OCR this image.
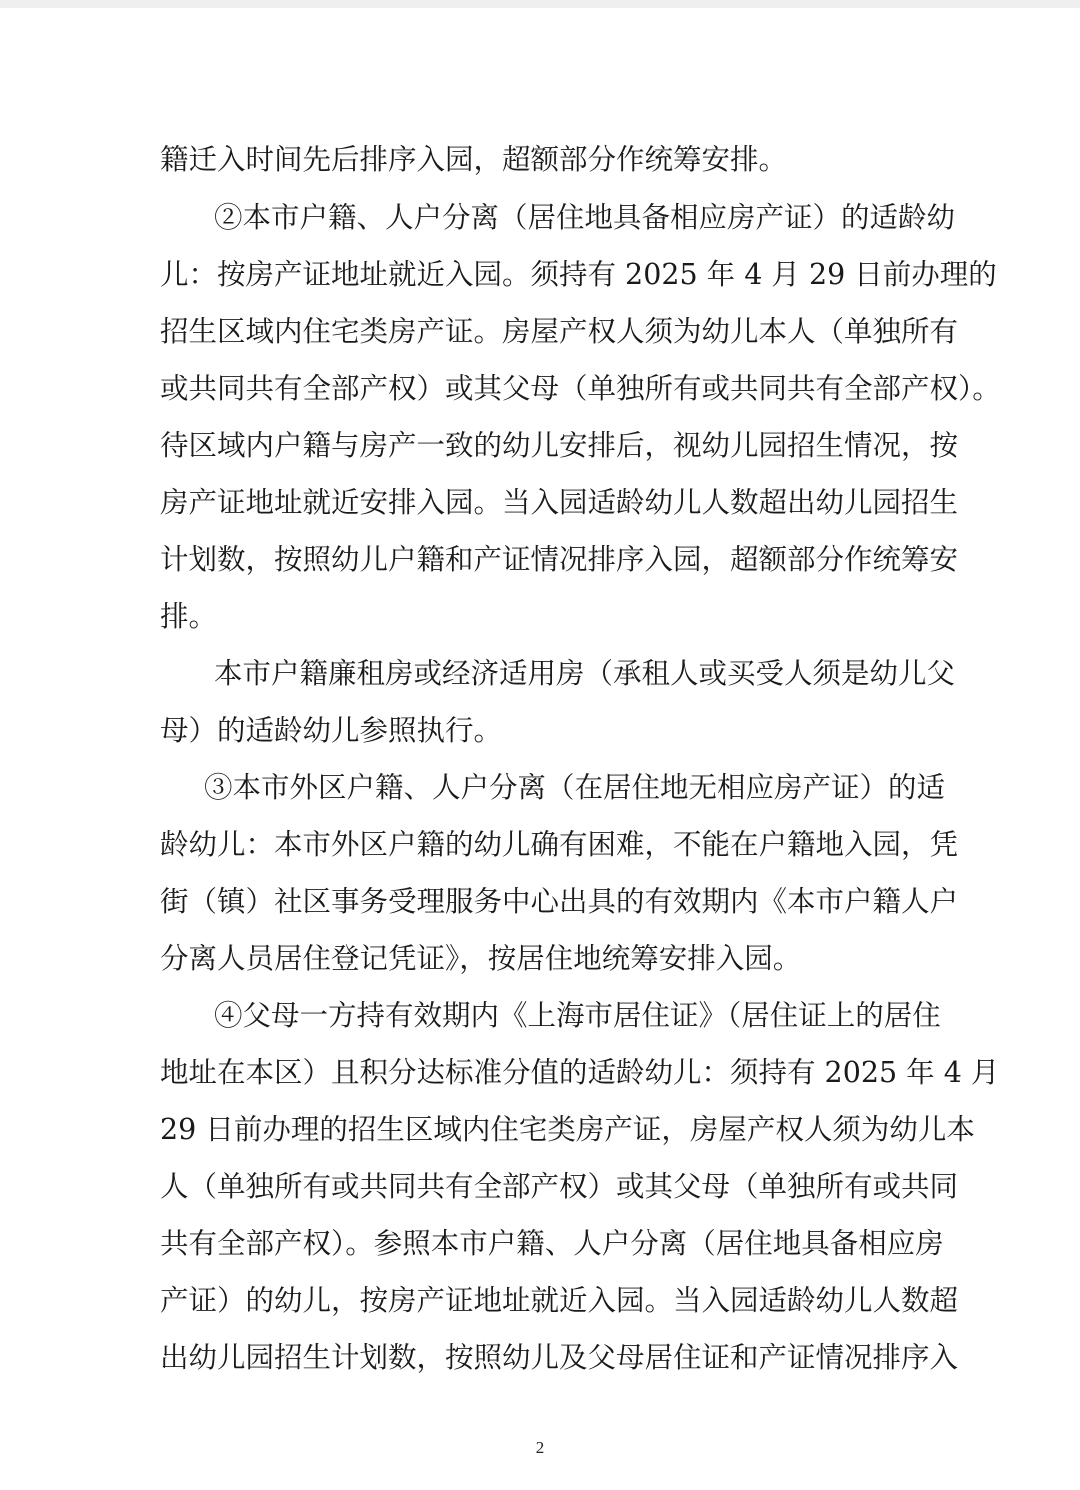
籍迁入时间先后排序入园，超额部分作统筹安排。

②本市户籍、人户分离（居住地具备相应房产证）的适龄幼

儿：按房产证地址就近入园。须持有 2025 年 4 月 29 日前办理的

招生区域内住宅类房产证。房屋产权人须为幼儿本人（单独所有

或共同共有全部产权）或其父母（单独所有或共同共有全部产权）。

待区域内户籍与房产一致的幼儿安排后，视幼儿园招生情况，按

房产证地址就近安排入园。当入园适龄幼儿人数超出幼儿园招生

计划数，按照幼儿户籍和产证情况排序入园，超额部分作统筹安

排。

本市户籍廉租房或经济适用房（承租人或买受人须是幼儿父

母）的适龄幼儿参照执行。

③本市外区户籍、人户分离（在居住地无相应房产证）的适

龄幼儿：本市外区户籍的幼儿确有困难，不能在户籍地入园，凭

街（镇）社区事务受理服务中心出具的有效期内《本市户籍人户

分离人员居住登记凭证》，按居住地统筹安排入园。

④父母一方持有效期内《上海市居住证》（居住证上的居住

地址在本区）且积分达标准分值的适龄幼儿：须持有 2025 年 4 月

29 日前办理的招生区域内住宅类房产证，房屋产权人须为幼儿本

人（单独所有或共同共有全部产权）或其父母（单独所有或共同

共有全部产权）。参照本市户籍、人户分离（居住地具备相应房

产证）的幼儿，按房产证地址就近入园。当入园适龄幼儿人数超

出幼儿园招生计划数，按照幼儿及父母居住证和产证情况排序入

2
